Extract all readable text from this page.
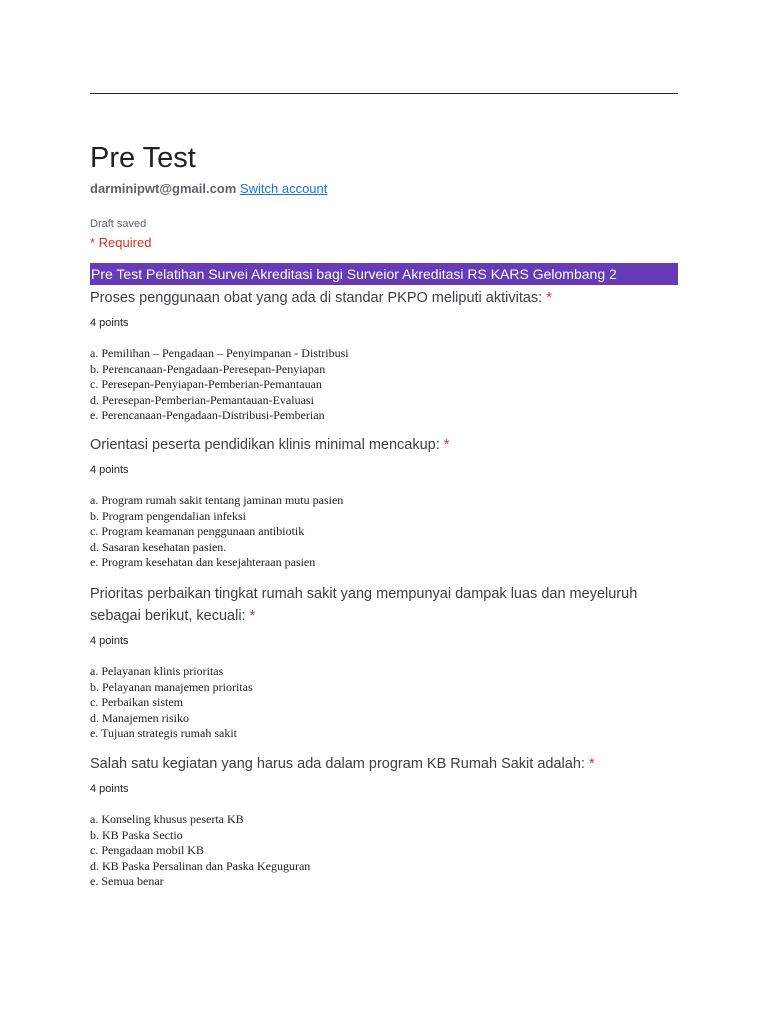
Pre Test
darminipwt@gmail.com Switch account
Draft saved
* Required
Pre Test Pelatihan Survei Akreditasi bagi Surveior Akreditasi RS KARS Gelombang 2
Proses penggunaan obat yang ada di standar PKPO meliputi aktivitas: *
4 points
a. Pemilihan – Pengadaan – Penyimpanan - Distribusi
b. Perencanaan-Pengadaan-Peresepan-Penyiapan
c. Peresepan-Penyiapan-Pemberian-Pemantauan
d. Peresepan-Pemberian-Pemantauan-Evaluasi
e. Perencanaan-Pengadaan-Distribusi-Pemberian
Orientasi peserta pendidikan klinis minimal mencakup: *
4 points
a. Program rumah sakit tentang jaminan mutu pasien
b. Program pengendalian infeksi
c. Program keamanan penggunaan antibiotik
d. Sasaran kesehatan pasien.
e. Program kesehatan dan kesejahteraan pasien
Prioritas perbaikan tingkat rumah sakit yang mempunyai dampak luas dan meyeluruh sebagai berikut, kecuali: *
4 points
a. Pelayanan klinis prioritas
b. Pelayanan manajemen prioritas
c. Perbaikan sistem
d. Manajemen risiko
e. Tujuan strategis rumah sakit
Salah satu kegiatan yang harus ada dalam program KB Rumah Sakit adalah: *
4 points
a. Konseling khusus peserta KB
b. KB Paska Sectio
c. Pengadaan mobil KB
d. KB Paska Persalinan dan Paska Keguguran
e. Semua benar
